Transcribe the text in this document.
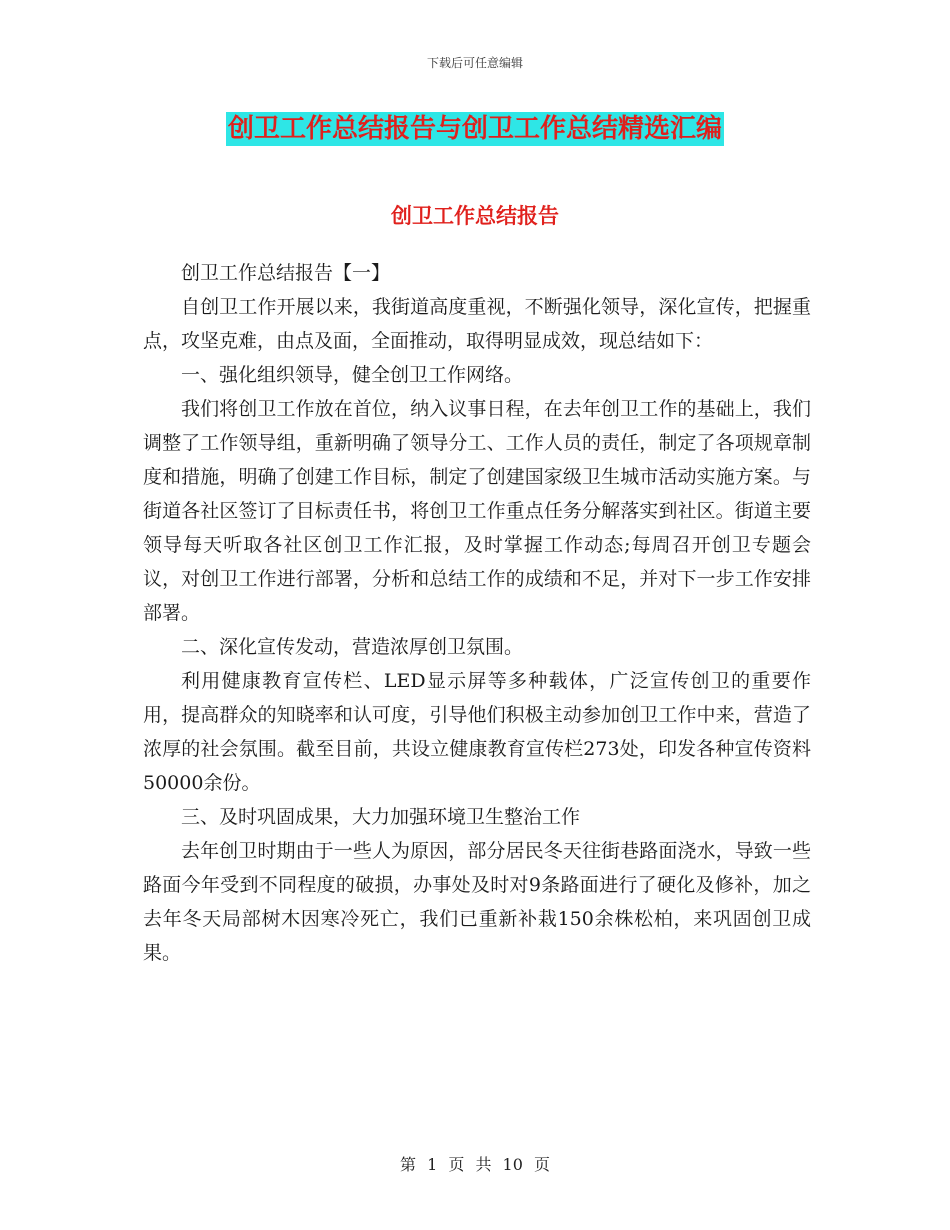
下载后可任意编辑
创卫工作总结报告与创卫工作总结精选汇编
创卫工作总结报告

创卫工作总结报告【一】

自创卫工作开展以来，我街道高度重视，不断强化领导，深化宣传，把握重点，攻坚克难，由点及面，全面推动，取得明显成效，现总结如下：

一、强化组织领导，健全创卫工作网络。

我们将创卫工作放在首位，纳入议事日程，在去年创卫工作的基础上，我们调整了工作领导组，重新明确了领导分工、工作人员的责任，制定了各项规章制度和措施，明确了创建工作目标，制定了创建国家级卫生城市活动实施方案。与街道各社区签订了目标责任书，将创卫工作重点任务分解落实到社区。街道主要领导每天听取各社区创卫工作汇报，及时掌握工作动态;每周召开创卫专题会议，对创卫工作进行部署，分析和总结工作的成绩和不足，并对下一步工作安排部署。

二、深化宣传发动，营造浓厚创卫氛围。

利用健康教育宣传栏、LED显示屏等多种载体，广泛宣传创卫的重要作用，提高群众的知晓率和认可度，引导他们积极主动参加创卫工作中来，营造了浓厚的社会氛围。截至目前，共设立健康教育宣传栏273处，印发各种宣传资料50000余份。

三、及时巩固成果，大力加强环境卫生整治工作

去年创卫时期由于一些人为原因，部分居民冬天往街巷路面浇水，导致一些路面今年受到不同程度的破损，办事处及时对9条路面进行了硬化及修补，加之去年冬天局部树木因寒冷死亡，我们已重新补栽150余株松柏，来巩固创卫成果。

第 1 页 共 10 页
